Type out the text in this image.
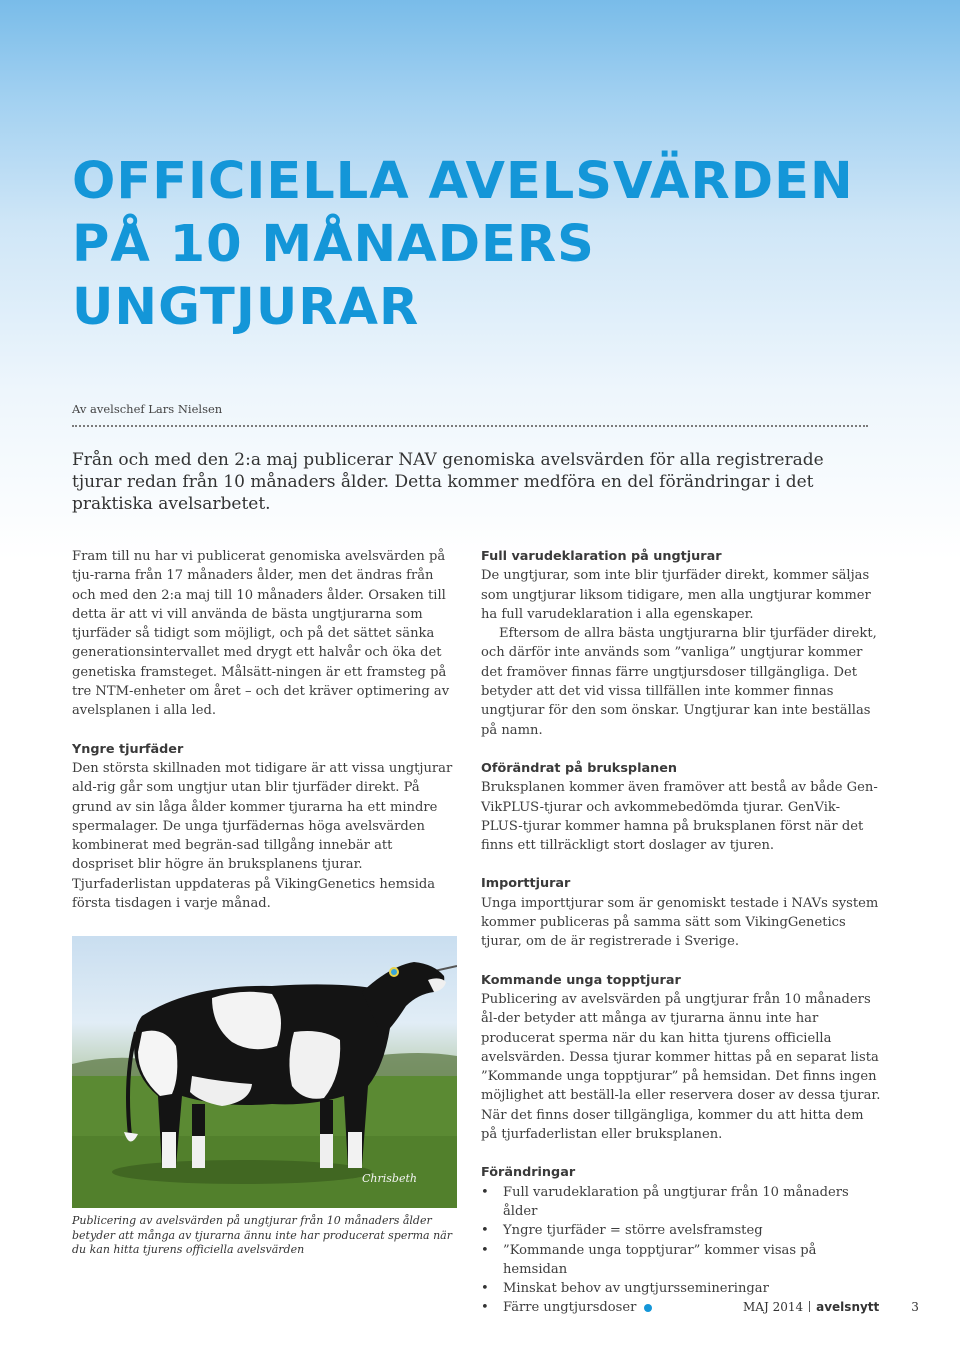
OFFICIELLA AVELSVÄRDEN
PÅ 10 MÅNADERS
UNGTJURAR
Av avelschef Lars Nielsen
Från och med den 2:a maj publicerar NAV genomiska avelsvärden för alla registrerade tjurar redan från 10 månaders ålder. Detta kommer medföra en del förändringar i det praktiska avelsarbetet.

Fram till nu har vi publicerat genomiska avelsvärden på tju-rarna från 17 månaders ålder, men det ändras från och med den 2:a maj till 10 månaders ålder. Orsaken till detta är att vi vill använda de bästa ungtjurarna som tjurfäder så tidigt som möjligt, och på det sättet sänka generationsintervallet med drygt ett halvår och öka det genetiska framsteget. Målsätt-ningen är ett framsteg på tre NTM-enheter om året – och det kräver optimering av avelsplanen i alla led.

Yngre tjurfäder

Den största skillnaden mot tidigare är att vissa ungtjurar ald-rig går som ungtjur utan blir tjurfäder direkt. På grund av sin låga ålder kommer tjurarna ha ett mindre spermalager. De unga tjurfädernas höga avelsvärden kombinerat med begrän-sad tillgång innebär att dospriset blir högre än bruksplanens tjurar. Tjurfaderlistan uppdateras på VikingGenetics hemsida första tisdagen i varje månad.

Chrisbeth
Publicering av avelsvärden på ungtjurar från 10 månaders ålder betyder att många av tjurarna ännu inte har producerat sperma när du kan hitta tjurens officiella avelsvärden
Full varudeklaration på ungtjurar

De ungtjurar, som inte blir tjurfäder direkt, kommer säljas som ungtjurar liksom tidigare, men alla ungtjurar kommer ha full varudeklaration i alla egenskaper.

Eftersom de allra bästa ungtjurarna blir tjurfäder direkt, och därför inte används som ”vanliga” ungtjurar kommer det framöver finnas färre ungtjursdoser tillgängliga. Det betyder att det vid vissa tillfällen inte kommer finnas ungtjurar för den som önskar. Ungtjurar kan inte beställas på namn.

Oförändrat på bruksplanen

Bruksplanen kommer även framöver att bestå av både Gen-VikPLUS-tjurar och avkommebedömda tjurar. GenVik-PLUS-tjurar kommer hamna på bruksplanen först när det finns ett tillräckligt stort doslager av tjuren.

Importtjurar

Unga importtjurar som är genomiskt testade i NAVs system kommer publiceras på samma sätt som VikingGenetics tjurar, om de är registrerade i Sverige.

Kommande unga topptjurar

Publicering av avelsvärden på ungtjurar från 10 månaders ål-der betyder att många av tjurarna ännu inte har producerat sperma när du kan hitta tjurens officiella avelsvärden. Dessa tjurar kommer hittas på en separat lista ”Kommande unga topptjurar” på hemsidan. Det finns ingen möjlighet att beställ-la eller reservera doser av dessa tjurar. När det finns doser tillgängliga, kommer du att hitta dem på tjurfaderlistan eller bruksplanen.

Förändringar
• Full varudeklaration på ungtjurar från 10 månaders ålder
• Yngre tjurfäder = större avelsframsteg
• ”Kommande unga topptjurar” kommer visas på hemsidan
• Minskat behov av ungtjurssemineringar
• Färre ungtjursdoser	MAJ 2014 avelsnytt	3
